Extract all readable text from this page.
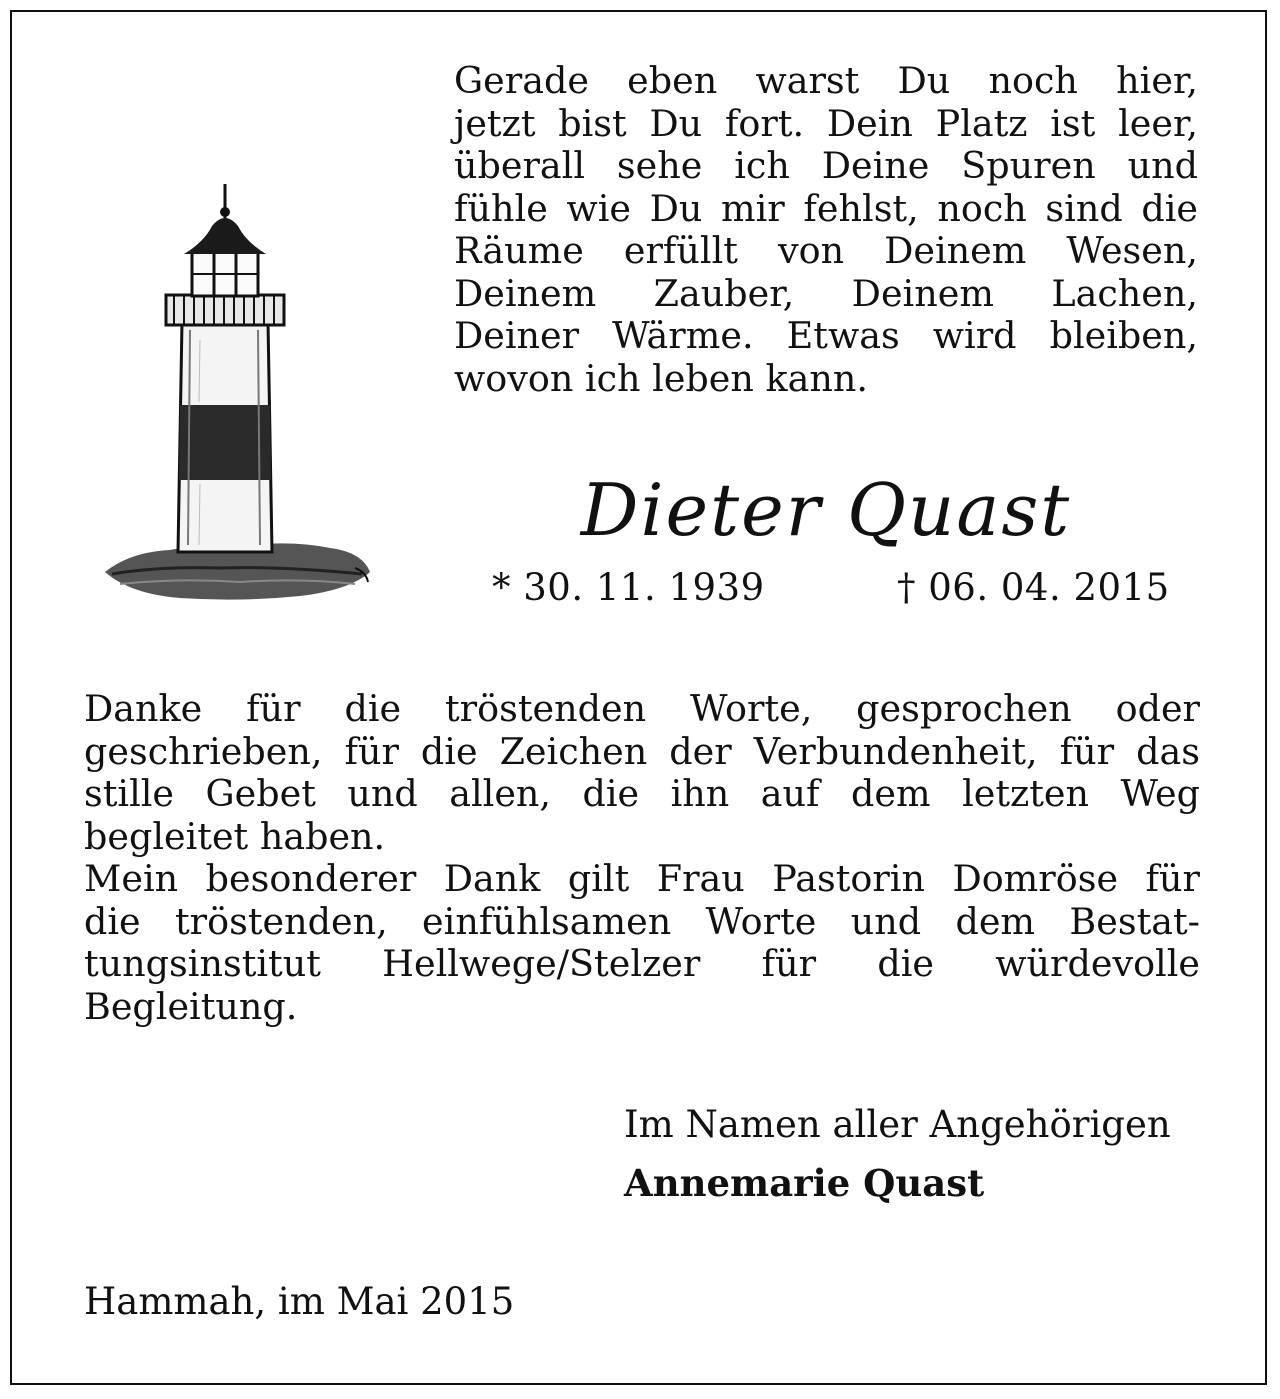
Gerade eben warst Du noch hier,
jetzt bist Du fort. Dein Platz ist leer,
überall sehe ich Deine Spuren und
fühle wie Du mir fehlst, noch sind die
Räume erfüllt von Deinem Wesen,
Deinem Zauber, Deinem Lachen,
Deiner Wärme. Etwas wird bleiben,
wovon ich leben kann.
Dieter Quast
* 30. 11. 1939	† 06. 04. 2015
Danke für die tröstenden Worte, gesprochen oder
geschrieben, für die Zeichen der Verbundenheit, für das
stille Gebet und allen, die ihn auf dem letzten Weg
begleitet haben.
Mein besonderer Dank gilt Frau Pastorin Domröse für
die tröstenden, einfühlsamen Worte und dem Bestat-
tungsinstitut Hellwege/Stelzer für die würdevolle
Begleitung.
Im Namen aller Angehörigen
Annemarie Quast
Hammah, im Mai 2015
